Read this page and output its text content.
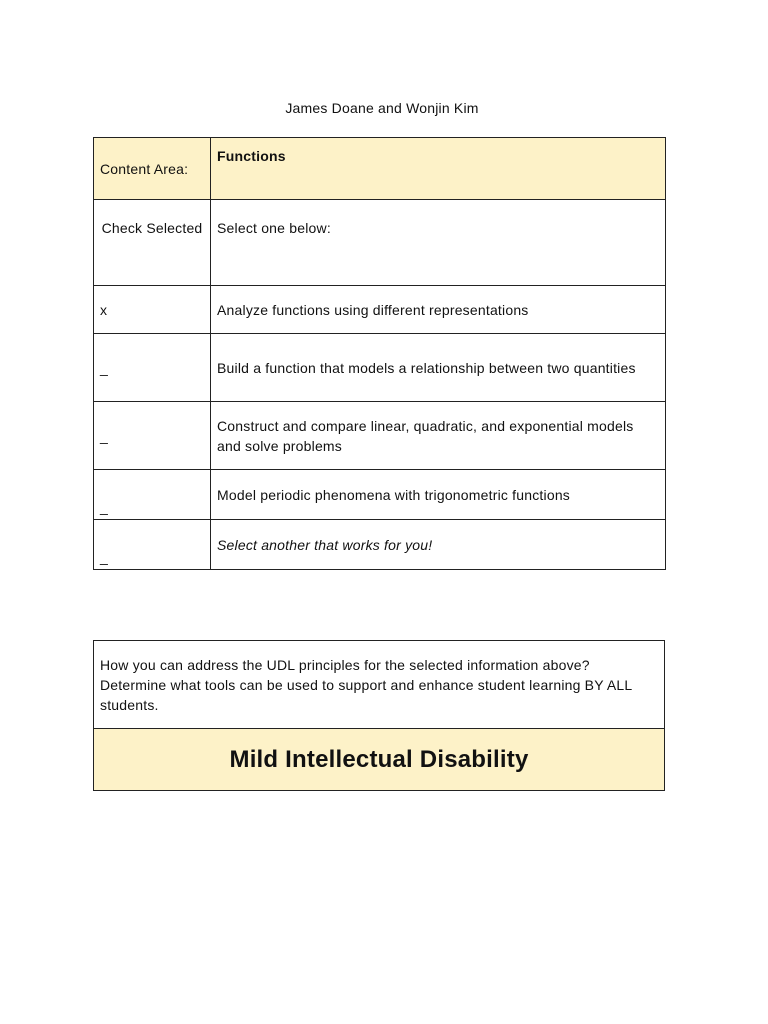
James Doane and Wonjin Kim
Content Area:	Functions
Check Selected	Select one below:
x	Analyze functions using different representations
_	Build a function that models a relationship between two quantities
_	Construct and compare linear, quadratic, and exponential models and solve problems
_	Model periodic phenomena with trigonometric functions
_	Select another that works for you!
How you can address the UDL principles for the selected information above? Determine what tools can be used to support and enhance student learning BY ALL students.
Mild Intellectual Disability
